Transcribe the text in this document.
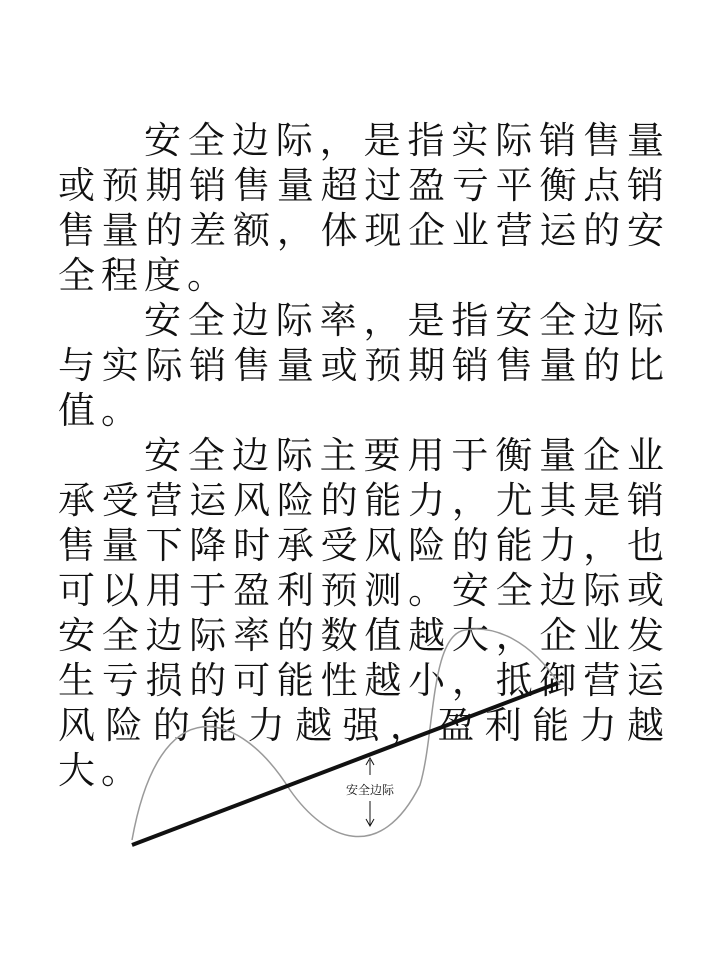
安全边际，是指实际销售量或预期销售量超过盈亏平衡点销售量的差额，体现企业营运的安全程度。

安全边际率，是指安全边际与实际销售量或预期销售量的比值。

安全边际主要用于衡量企业承受营运风险的能力，尤其是销售量下降时承受风险的能力，也可以用于盈利预测。安全边际或安全边际率的数值越大，企业发生亏损的可能性越小，抵御营运风险的能力越强，盈利能力越大。	安全边际
